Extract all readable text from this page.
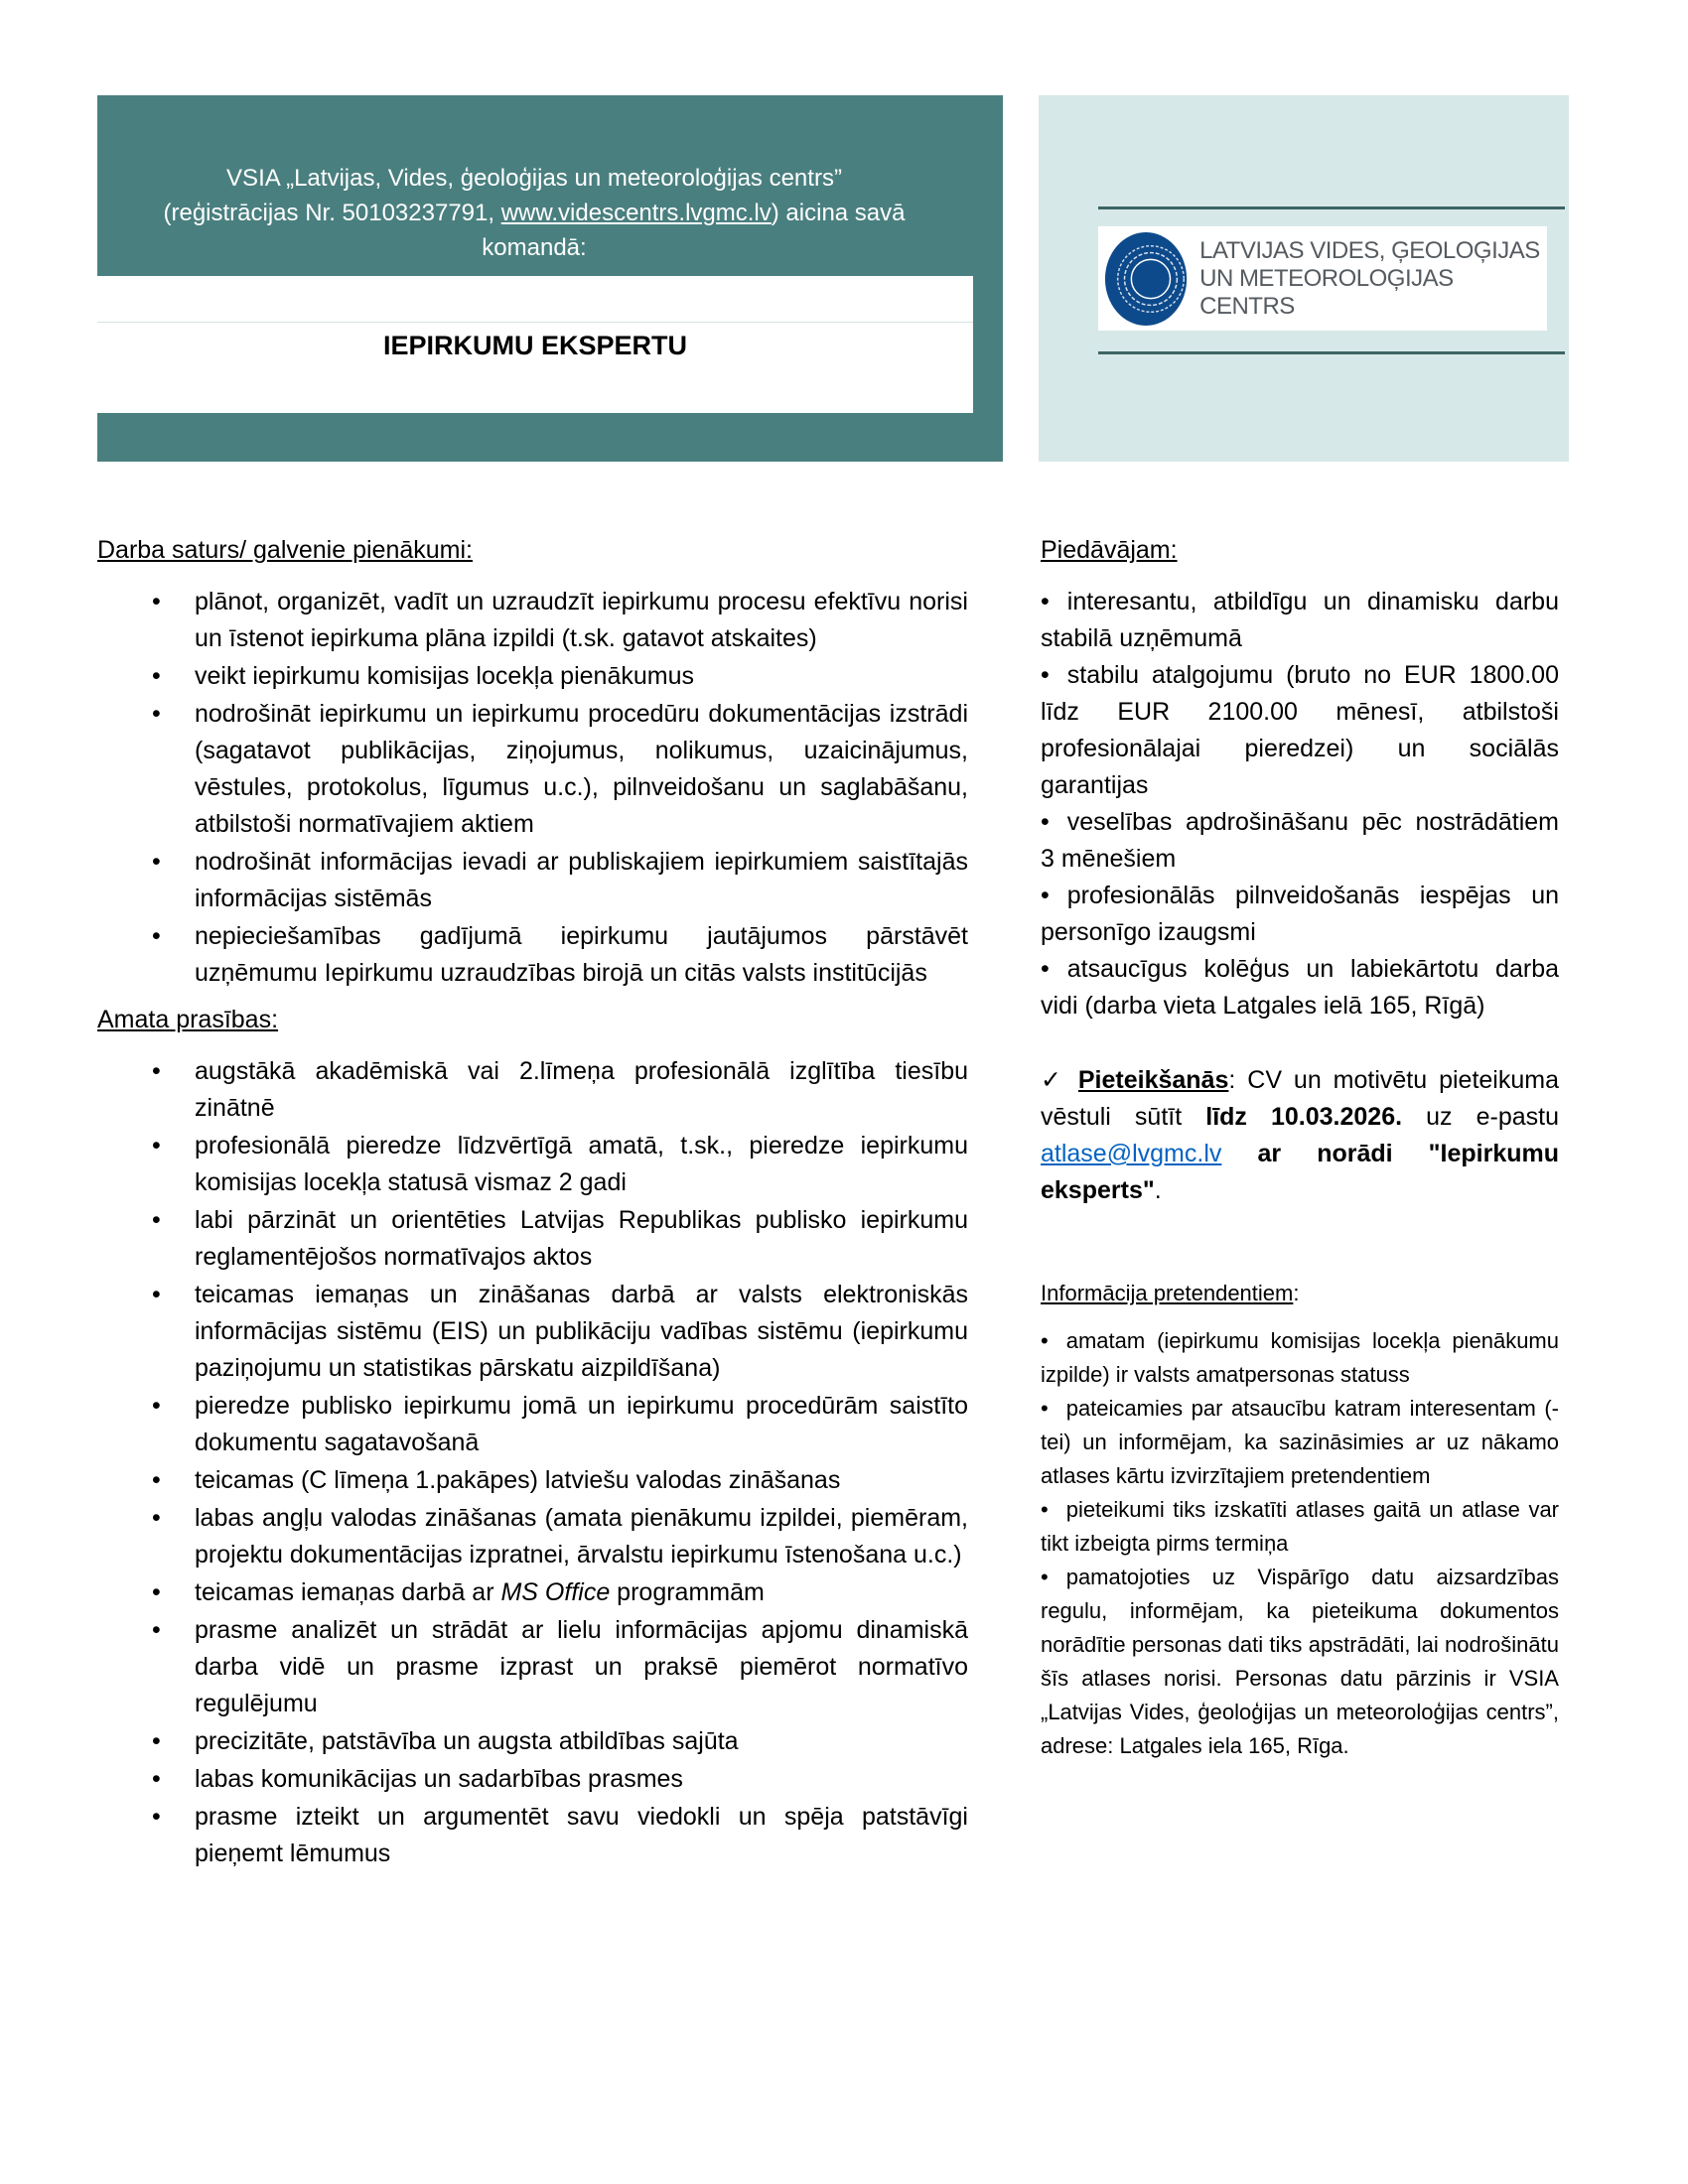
VSIA „Latvijas, Vides, ģeoloģijas un meteoroloģijas centrs”
(reģistrācijas Nr. 50103237791, www.videscentrs.lvgmc.lv) aicina savā
komandā:
IEPIRKUMU EKSPERTU
LATVIJAS VIDES, ĢEOLOĢIJAS
UN METEOROLOĢIJAS CENTRS

Darba saturs/ galvenie pienākumi:

• plānot, organizēt, vadīt un uzraudzīt iepirkumu procesu efektīvu norisi un īstenot iepirkuma plāna izpildi (t.sk. gatavot atskaites)
• veikt iepirkumu komisijas locekļa pienākumus
• nodrošināt iepirkumu un iepirkumu procedūru dokumentācijas izstrādi (sagatavot publikācijas, ziņojumus, nolikumus, uzaicinājumus, vēstules, protokolus, līgumus u.c.), pilnveidošanu un saglabāšanu, atbilstoši normatīvajiem aktiem
• nodrošināt informācijas ievadi ar publiskajiem iepirkumiem saistītajās informācijas sistēmās
• nepieciešamības gadījumā iepirkumu jautājumos pārstāvēt uzņēmumu Iepirkumu uzraudzības birojā un citās valsts institūcijās

Amata prasības:

• augstākā akadēmiskā vai 2.līmeņa profesionālā izglītība tiesību zinātnē
• profesionālā pieredze līdzvērtīgā amatā, t.sk., pieredze iepirkumu komisijas locekļa statusā vismaz 2 gadi
• labi pārzināt un orientēties Latvijas Republikas publisko iepirkumu reglamentējošos normatīvajos aktos
• teicamas iemaņas un zināšanas darbā ar valsts elektroniskās informācijas sistēmu (EIS) un publikāciju vadības sistēmu (iepirkumu paziņojumu un statistikas pārskatu aizpildīšana)
• pieredze publisko iepirkumu jomā un iepirkumu procedūrām saistīto dokumentu sagatavošanā
• teicamas (C līmeņa 1.pakāpes) latviešu valodas zināšanas
• labas angļu valodas zināšanas (amata pienākumu izpildei, piemēram, projektu dokumentācijas izpratnei, ārvalstu iepirkumu īstenošana u.c.)
• teicamas iemaņas darbā ar MS Office programmām
• prasme analizēt un strādāt ar lielu informācijas apjomu dinamiskā darba vidē un prasme izprast un praksē piemērot normatīvo regulējumu
• precizitāte, patstāvība un augsta atbildības sajūta
• labas komunikācijas un sadarbības prasmes
• prasme izteikt un argumentēt savu viedokli un spēja patstāvīgi pieņemt lēmumus

Piedāvājam:

• interesantu, atbildīgu un dinamisku darbu stabilā uzņēmumā
• stabilu atalgojumu (bruto no EUR 1800.00 līdz EUR 2100.00 mēnesī, atbilstoši profesionālajai pieredzei) un sociālās garantijas
• veselības apdrošināšanu pēc nostrādātiem 3 mēnešiem
• profesionālās pilnveidošanās iespējas un personīgo izaugsmi
• atsaucīgus kolēģus un labiekārtotu darba vidi (darba vieta Latgales ielā 165, Rīgā)
✓ Pieteikšanās: CV un motivētu pieteikuma vēstuli sūtīt līdz 10.03.2026. uz e-pastu atlase@lvgmc.lv ar norādi "Iepirkumu eksperts".
Informācija pretendentiem:
• amatam (iepirkumu komisijas locekļa pienākumu izpilde) ir valsts amatpersonas statuss
• pateicamies par atsaucību katram interesentam (-tei) un informējam, ka sazināsimies ar uz nākamo atlases kārtu izvirzītajiem pretendentiem
• pieteikumi tiks izskatīti atlases gaitā un atlase var tikt izbeigta pirms termiņa
• pamatojoties uz Vispārīgo datu aizsardzības regulu, informējam, ka pieteikuma dokumentos norādītie personas dati tiks apstrādāti, lai nodrošinātu šīs atlases norisi. Personas datu pārzinis ir VSIA „Latvijas Vides, ģeoloģijas un meteoroloģijas centrs”, adrese: Latgales iela 165, Rīga.
